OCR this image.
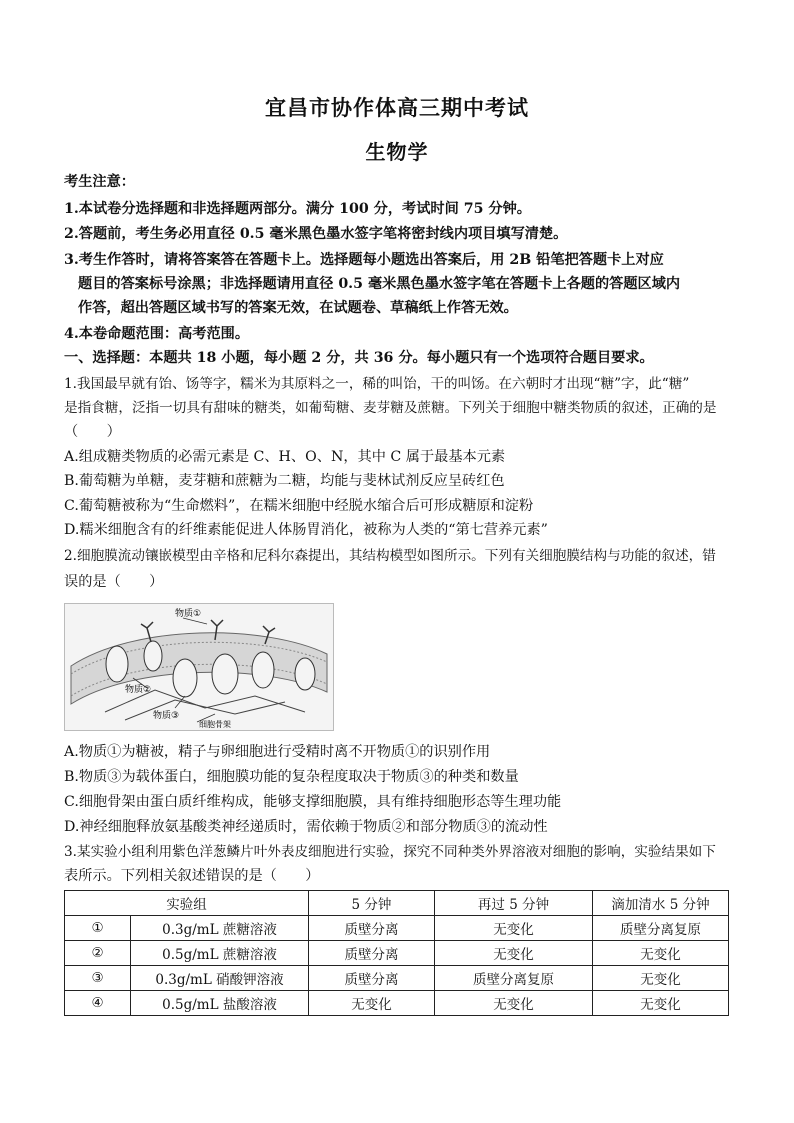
宜昌市协作体高三期中考试
生物学
考生注意：
1.本试卷分选择题和非选择题两部分。满分 100 分，考试时间 75 分钟。
2.答题前，考生务必用直径 0.5 毫米黑色墨水签字笔将密封线内项目填写清楚。
3.考生作答时，请将答案答在答题卡上。选择题每小题选出答案后，用 2B 铅笔把答题卡上对应
题目的答案标号涂黑；非选择题请用直径 0.5 毫米黑色墨水签字笔在答题卡上各题的答题区域内
作答，超出答题区域书写的答案无效，在试题卷、草稿纸上作答无效。
4.本卷命题范围：高考范围。
一、选择题：本题共 18 小题，每小题 2 分，共 36 分。每小题只有一个选项符合题目要求。
1.我国最早就有饴、饧等字，糯米为其原料之一，稀的叫饴，干的叫饧。在六朝时才出现“糖”字，此“糖”
是指食糖，泛指一切具有甜味的糖类，如葡萄糖、麦芽糖及蔗糖。下列关于细胞中糖类物质的叙述，正确的是
（　　）
A.组成糖类物质的必需元素是 C、H、O、N，其中 C 属于最基本元素
B.葡萄糖为单糖，麦芽糖和蔗糖为二糖，均能与斐林试剂反应呈砖红色
C.葡萄糖被称为“生命燃料”，在糯米细胞中经脱水缩合后可形成糖原和淀粉
D.糯米细胞含有的纤维素能促进人体肠胃消化，被称为人类的“第七营养元素”
2.细胞膜流动镶嵌模型由辛格和尼科尔森提出，其结构模型如图所示。下列有关细胞膜结构与功能的叙述，错
误的是（　　）
物质①
物质②
物质③
细胞骨架
A.物质①为糖被，精子与卵细胞进行受精时离不开物质①的识别作用
B.物质③为载体蛋白，细胞膜功能的复杂程度取决于物质③的种类和数量
C.细胞骨架由蛋白质纤维构成，能够支撑细胞膜，具有维持细胞形态等生理功能
D.神经细胞释放氨基酸类神经递质时，需依赖于物质②和部分物质③的流动性
3.某实验小组利用紫色洋葱鳞片叶外表皮细胞进行实验，探究不同种类外界溶液对细胞的影响，实验结果如下
表所示。下列相关叙述错误的是（　　）
实验组		5 分钟	再过 5 分钟	滴加清水 5 分钟
①	0.3g/mL 蔗糖溶液	质壁分离	无变化	质壁分离复原
②	0.5g/mL 蔗糖溶液	质壁分离	无变化	无变化
③	0.3g/mL 硝酸钾溶液	质壁分离	质壁分离复原	无变化
④	0.5g/mL 盐酸溶液	无变化	无变化	无变化
